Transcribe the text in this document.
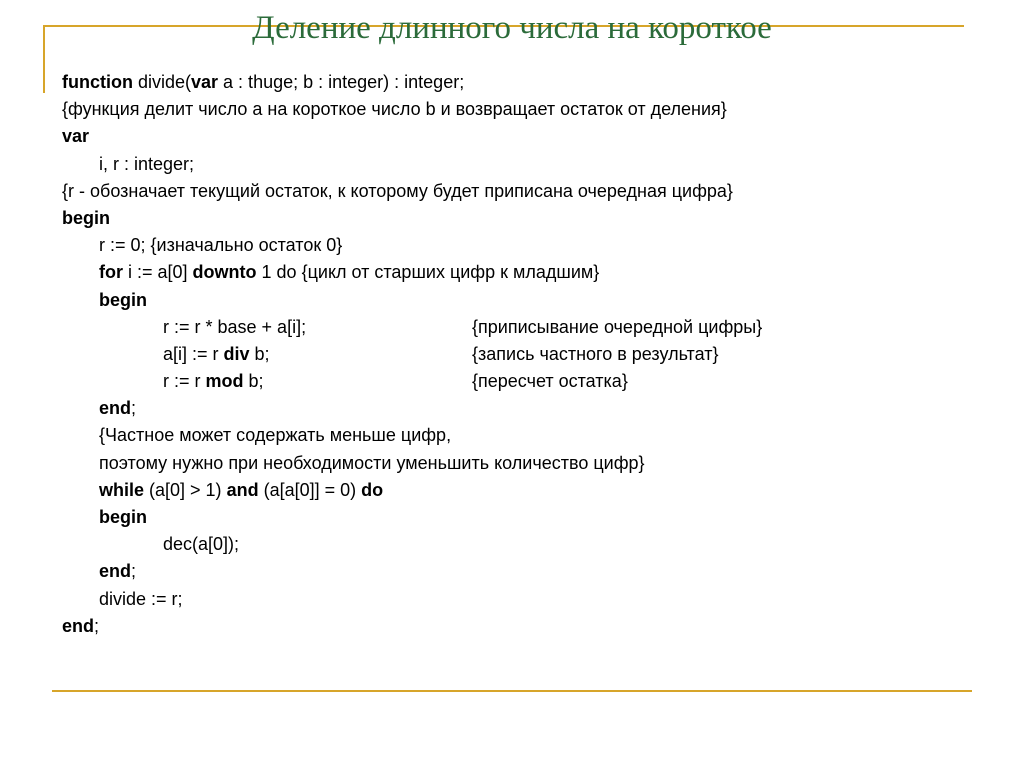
Деление длинного числа на короткое
function divide(var a : thuge; b : integer) : integer;
{функция делит число a на короткое число b и возвращает остаток от деления}
var
i, r : integer;
{r - обозначает текущий остаток, к которому будет приписана очередная цифра}
begin
r := 0; {изначально остаток 0}
for i := a[0] downto 1 do {цикл от старших цифр к младшим}
begin
r := r * base + a[i];	{приписывание очередной цифры}
a[i] := r div b;	{запись частного в результат}
r := r mod b;	{пересчет остатка}
end;
{Частное может содержать меньше цифр,
поэтому нужно при необходимости уменьшить количество цифр}
while (a[0] > 1) and (a[a[0]] = 0) do
begin
dec(a[0]);
end;
divide := r;
end;
